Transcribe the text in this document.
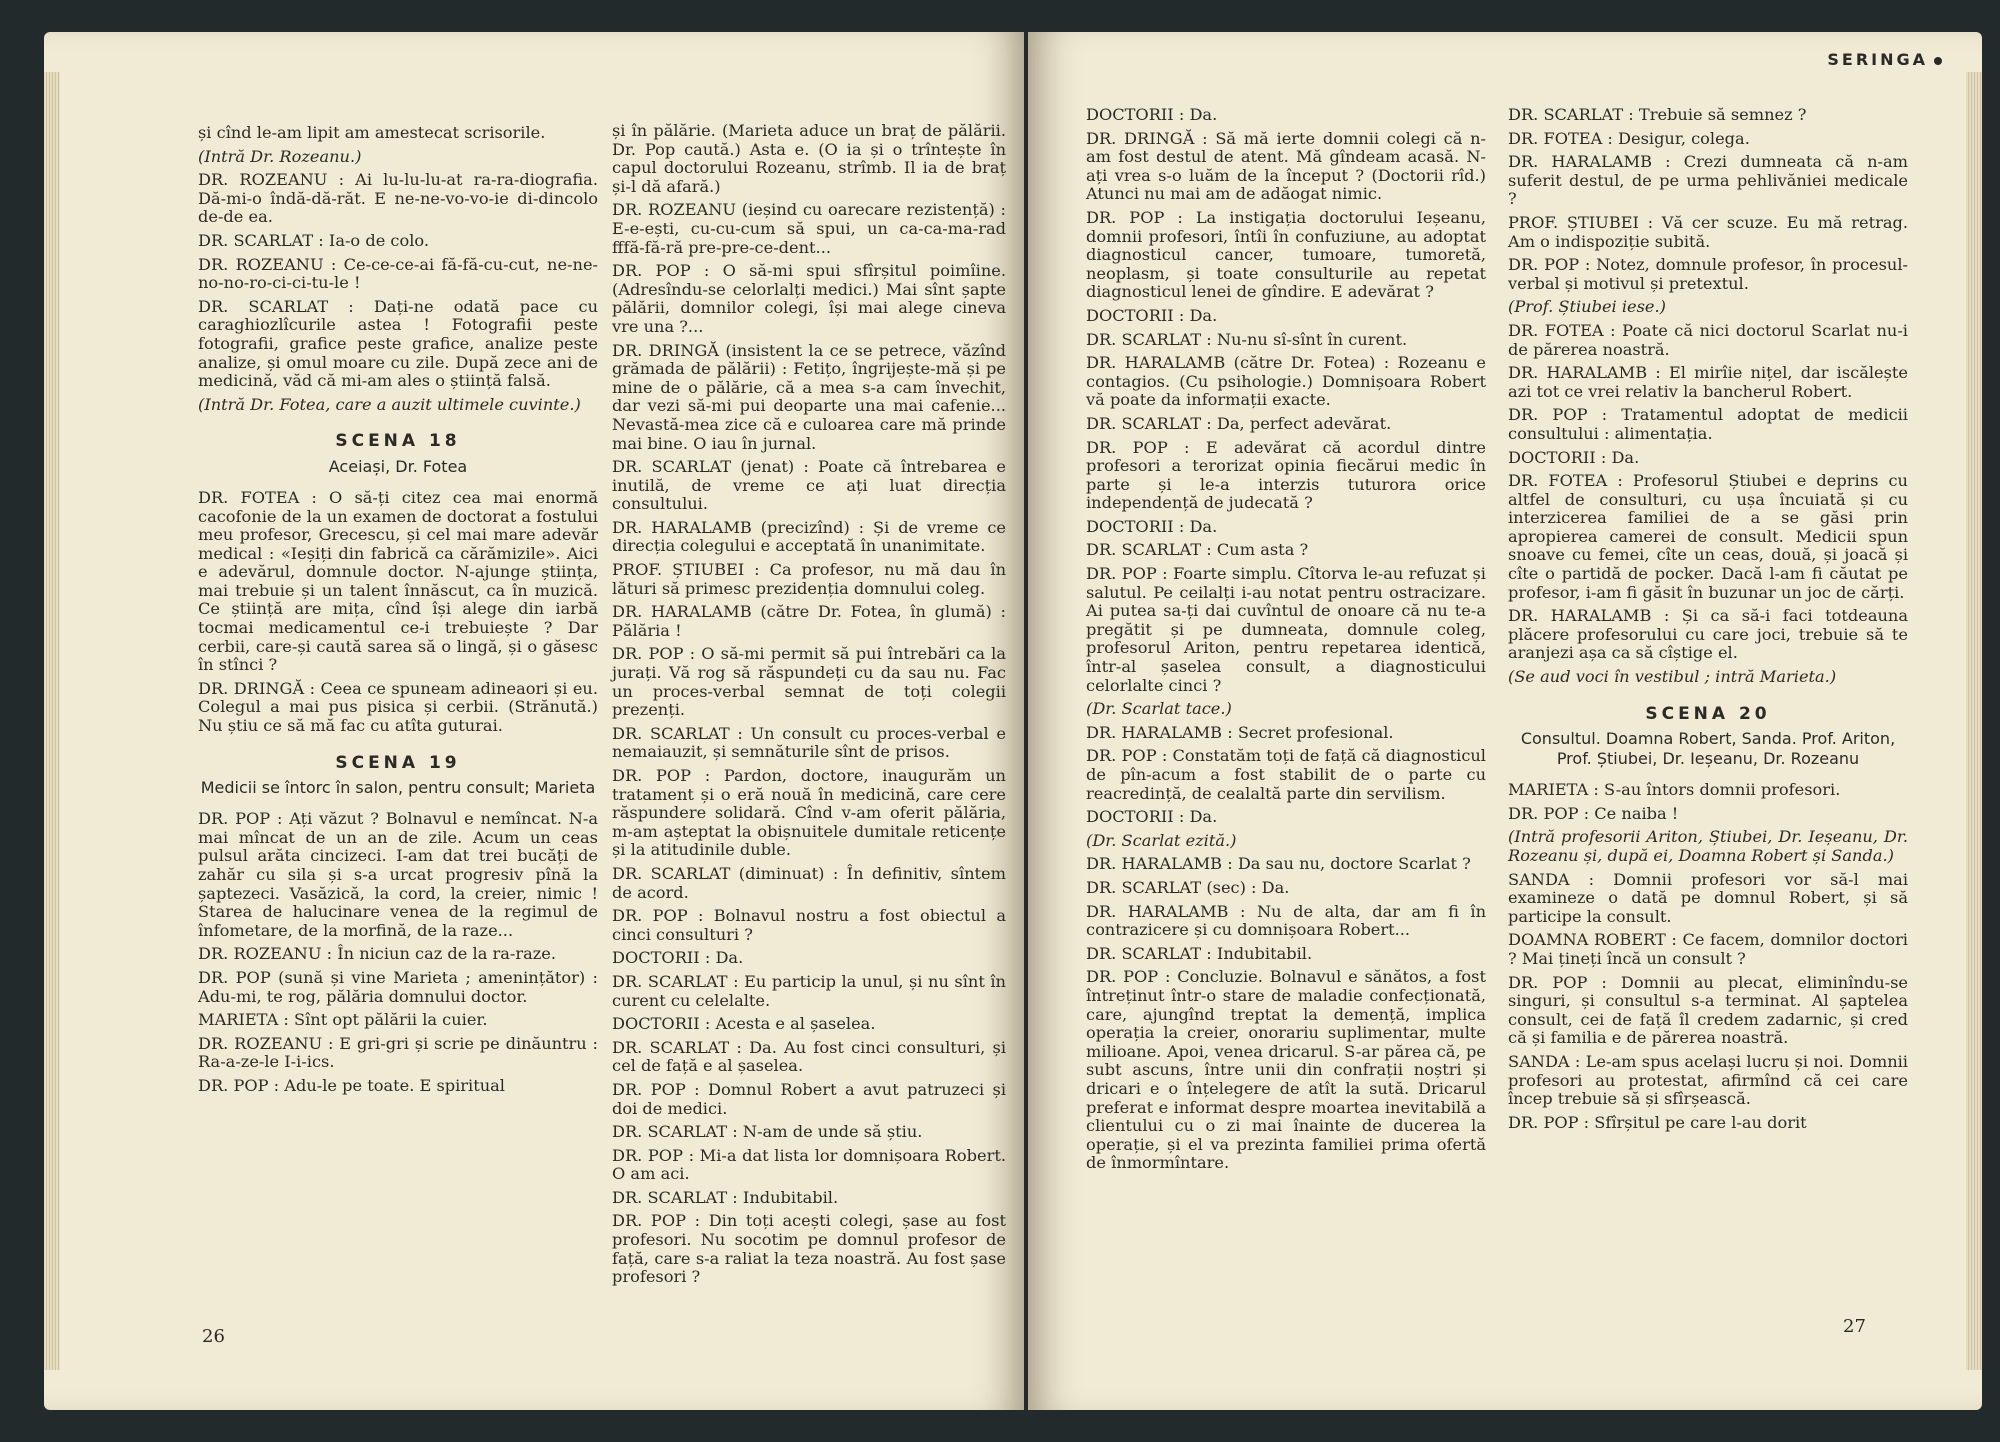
și cînd le-am lipit am amestecat scrisorile.

(Intră Dr. Rozeanu.)

DR. ROZEANU : Ai lu-lu-lu-at ra-ra-diografia. Dă-mi-o îndă-dă-răt. E ne-ne-vo-vo-ie di-dincolo de-de ea.

DR. SCARLAT : Ia-o de colo.

DR. ROZEANU : Ce-ce-ce-ai fă-fă-cu-cut, ne-ne-no-no-ro-ci-ci-tu-le !

DR. SCARLAT : Dați-ne odată pace cu caraghiozlîcurile astea ! Fotografii peste fotografii, grafice peste grafice, analize peste analize, și omul moare cu zile. După zece ani de medicină, văd că mi-am ales o știință falsă.

(Intră Dr. Fotea, care a auzit ultimele cuvinte.)

SCENA 18
Aceiași, Dr. Fotea

DR. FOTEA : O să-ți citez cea mai enormă cacofonie de la un examen de doctorat a fostului meu profesor, Grecescu, și cel mai mare adevăr medical : «Ieșiți din fabrică ca cărămizile». Aici e adevărul, domnule doctor. N-ajunge știința, mai trebuie și un talent înnăscut, ca în muzică. Ce știință are mița, cînd își alege din iarbă tocmai medicamentul ce-i trebuiește ? Dar cerbii, care-și caută sarea să o lingă, și o găsesc în stînci ?

DR. DRINGĂ : Ceea ce spuneam adineaori și eu. Colegul a mai pus pisica și cerbii. (Strănută.) Nu știu ce să mă fac cu atîta guturai.

SCENA 19
Medicii se întorc în salon, pentru consult; Marieta

DR. POP : Ați văzut ? Bolnavul e nemîncat. N-a mai mîncat de un an de zile. Acum un ceas pulsul arăta cincizeci. I-am dat trei bucăți de zahăr cu sila și s-a urcat progresiv pînă la șaptezeci. Vasăzică, la cord, la creier, nimic ! Starea de halucinare venea de la regimul de înfometare, de la morfină, de la raze...

DR. ROZEANU : În niciun caz de la ra-raze.

DR. POP (sună și vine Marieta ; amenințător) : Adu-mi, te rog, pălăria domnului doctor.

MARIETA : Sînt opt pălării la cuier.

DR. ROZEANU : E gri-gri și scrie pe dinăuntru : Ra-a-ze-le I-i-ics.

DR. POP : Adu-le pe toate. E spiritual

și în pălărie. (Marieta aduce un braț de pălării. Dr. Pop caută.) Asta e. (O ia și o trîntește în capul doctorului Rozeanu, strîmb. Il ia de braț și-l dă afară.)

DR. ROZEANU (ieșind cu oarecare rezistență) : E-e-ești, cu-cu-cum să spui, un ca-ca-ma-rad fffă-fă-ră pre-pre-ce-dent...

DR. POP : O să-mi spui sfîrșitul poimîine. (Adresîndu-se celorlalți medici.) Mai sînt șapte pălării, domnilor colegi, își mai alege cineva vre una ?...

DR. DRINGĂ (insistent la ce se petrece, văzînd grămada de pălării) : Fetițo, îngrijește-mă și pe mine de o pălărie, că a mea s-a cam învechit, dar vezi să-mi pui deoparte una mai cafenie... Nevastă-mea zice că e culoarea care mă prinde mai bine. O iau în jurnal.

DR. SCARLAT (jenat) : Poate că întrebarea e inutilă, de vreme ce ați luat direcția consultului.

DR. HARALAMB (precizînd) : Și de vreme ce direcția colegului e acceptată în unanimitate.

PROF. ȘTIUBEI : Ca profesor, nu mă dau în lături să primesc prezidenția domnului coleg.

DR. HARALAMB (către Dr. Fotea, în glumă) : Pălăria !

DR. POP : O să-mi permit să pui întrebări ca la jurați. Vă rog să răspundeți cu da sau nu. Fac un proces-verbal semnat de toți colegii prezenți.

DR. SCARLAT : Un consult cu proces-verbal e nemaiauzit, și semnăturile sînt de prisos.

DR. POP : Pardon, doctore, inaugurăm un tratament și o eră nouă în medicină, care cere răspundere solidară. Cînd v-am oferit pălăria, m-am așteptat la obișnuitele dumitale reticențe și la atitudinile duble.

DR. SCARLAT (diminuat) : În definitiv, sîntem de acord.

DR. POP : Bolnavul nostru a fost obiectul a cinci consulturi ?

DOCTORII : Da.

DR. SCARLAT : Eu particip la unul, și nu sînt în curent cu celelalte.

DOCTORII : Acesta e al șaselea.

DR. SCARLAT : Da. Au fost cinci consulturi, și cel de față e al șaselea.

DR. POP : Domnul Robert a avut patruzeci și doi de medici.

DR. SCARLAT : N-am de unde să știu.

DR. POP : Mi-a dat lista lor domnișoara Robert. O am aci.

DR. SCARLAT : Indubitabil.

DR. POP : Din toți acești colegi, șase au fost profesori. Nu socotim pe domnul profesor de față, care s-a raliat la teza noastră. Au fost șase profesori ?

26
SERINGA

DOCTORII : Da.

DR. DRINGĂ : Să mă ierte domnii colegi că n-am fost destul de atent. Mă gîndeam acasă. N-ați vrea s-o luăm de la început ? (Doctorii rîd.) Atunci nu mai am de adăogat nimic.

DR. POP : La instigația doctorului Ieșeanu, domnii profesori, întîi în confuziune, au adoptat diagnosticul cancer, tumoare, tumoretă, neoplasm, și toate consulturile au repetat diagnosticul lenei de gîndire. E adevărat ?

DOCTORII : Da.

DR. SCARLAT : Nu-nu sî-sînt în curent.

DR. HARALAMB (către Dr. Fotea) : Rozeanu e contagios. (Cu psihologie.) Domnișoara Robert vă poate da informații exacte.

DR. SCARLAT : Da, perfect adevărat.

DR. POP : E adevărat că acordul dintre profesori a terorizat opinia fiecărui medic în parte și le-a interzis tuturora orice independență de judecată ?

DOCTORII : Da.

DR. SCARLAT : Cum asta ?

DR. POP : Foarte simplu. Cîtorva le-au refuzat și salutul. Pe ceilalți i-au notat pentru ostracizare. Ai putea sa-ți dai cuvîntul de onoare că nu te-a pregătit și pe dumneata, domnule coleg, profesorul Ariton, pentru repetarea identică, într-al șaselea consult, a diagnosticului celorlalte cinci ?

(Dr. Scarlat tace.)

DR. HARALAMB : Secret profesional.

DR. POP : Constatăm toți de față că diagnosticul de pîn-acum a fost stabilit de o parte cu reacredință, de cealaltă parte din servilism.

DOCTORII : Da.

(Dr. Scarlat ezită.)

DR. HARALAMB : Da sau nu, doctore Scarlat ?

DR. SCARLAT (sec) : Da.

DR. HARALAMB : Nu de alta, dar am fi în contrazicere și cu domnișoara Robert...

DR. SCARLAT : Indubitabil.

DR. POP : Concluzie. Bolnavul e sănătos, a fost întreținut într-o stare de maladie confecționată, care, ajungînd treptat la demență, implica operația la creier, onorariu suplimentar, multe milioane. Apoi, venea dricarul. S-ar părea că, pe subt ascuns, între unii din confrații noștri și dricari e o înțelegere de atît la sută. Dricarul preferat e informat despre moartea inevitabilă a clientului cu o zi mai înainte de ducerea la operație, și el va prezinta familiei prima ofertă de înmormîntare.

DR. SCARLAT : Trebuie să semnez ?

DR. FOTEA : Desigur, colega.

DR. HARALAMB : Crezi dumneata că n-am suferit destul, de pe urma pehlivăniei medicale ?

PROF. ȘTIUBEI : Vă cer scuze. Eu mă retrag. Am o indispoziție subită.

DR. POP : Notez, domnule profesor, în procesul-verbal și motivul și pretextul.

(Prof. Știubei iese.)

DR. FOTEA : Poate că nici doctorul Scarlat nu-i de părerea noastră.

DR. HARALAMB : El mirîie nițel, dar iscălește azi tot ce vrei relativ la bancherul Robert.

DR. POP : Tratamentul adoptat de medicii consultului : alimentația.

DOCTORII : Da.

DR. FOTEA : Profesorul Știubei e deprins cu altfel de consulturi, cu ușa încuiată și cu interzicerea familiei de a se găsi prin apropierea camerei de consult. Medicii spun snoave cu femei, cîte un ceas, două, și joacă și cîte o partidă de pocker. Dacă l-am fi căutat pe profesor, i-am fi găsit în buzunar un joc de cărți.

DR. HARALAMB : Și ca să-i faci totdeauna plăcere profesorului cu care joci, trebuie să te aranjezi așa ca să cîștige el.

(Se aud voci în vestibul ; intră Marieta.)

SCENA 20
Consultul. Doamna Robert, Sanda. Prof. Ariton, Prof. Știubei, Dr. Ieșeanu, Dr. Rozeanu

MARIETA : S-au întors domnii profesori.

DR. POP : Ce naiba !

(Intră profesorii Ariton, Știubei, Dr. Ieșeanu, Dr. Rozeanu și, după ei, Doamna Robert și Sanda.)

SANDA : Domnii profesori vor să-l mai examineze o dată pe domnul Robert, și să participe la consult.

DOAMNA ROBERT : Ce facem, domnilor doctori ? Mai țineți încă un consult ?

DR. POP : Domnii au plecat, eliminîndu-se singuri, și consultul s-a terminat. Al șaptelea consult, cei de față îl credem zadarnic, și cred că și familia e de părerea noastră.

SANDA : Le-am spus același lucru și noi. Domnii profesori au protestat, afirmînd că cei care încep trebuie să și sfîrșească.

DR. POP : Sfîrșitul pe care l-au dorit

27
